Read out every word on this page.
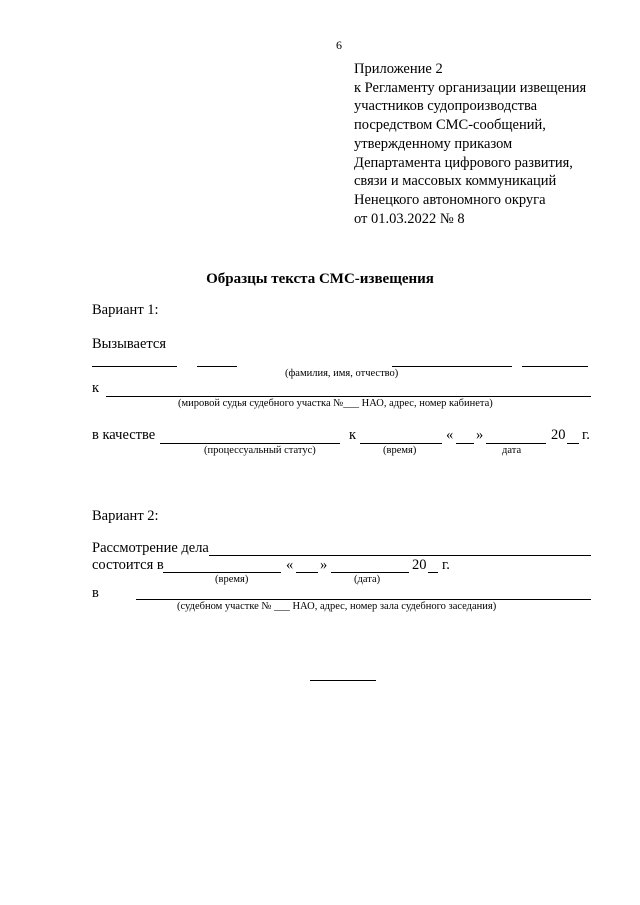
6
Приложение 2
к Регламенту организации извещения
участников судопроизводства
посредством СМС-сообщений,
утвержденному приказом
Департамента цифрового развития,
связи и массовых коммуникаций
Ненецкого автономного округа
от 01.03.2022 № 8
Образцы текста СМС-извещения
Вариант 1:
Вызывается
(фамилия, имя, отчество)
к
(мировой судья судебного участка №___ НАО, адрес, номер кабинета)
в качестве	к	« »	20 г.
(процессуальный статус)	(время)	дата
Вариант 2:
Рассмотрение дела
состоится в	« »	20 г.
(время)	(дата)
в
(судебном участке № ___ НАО, адрес, номер зала судебного заседания)
